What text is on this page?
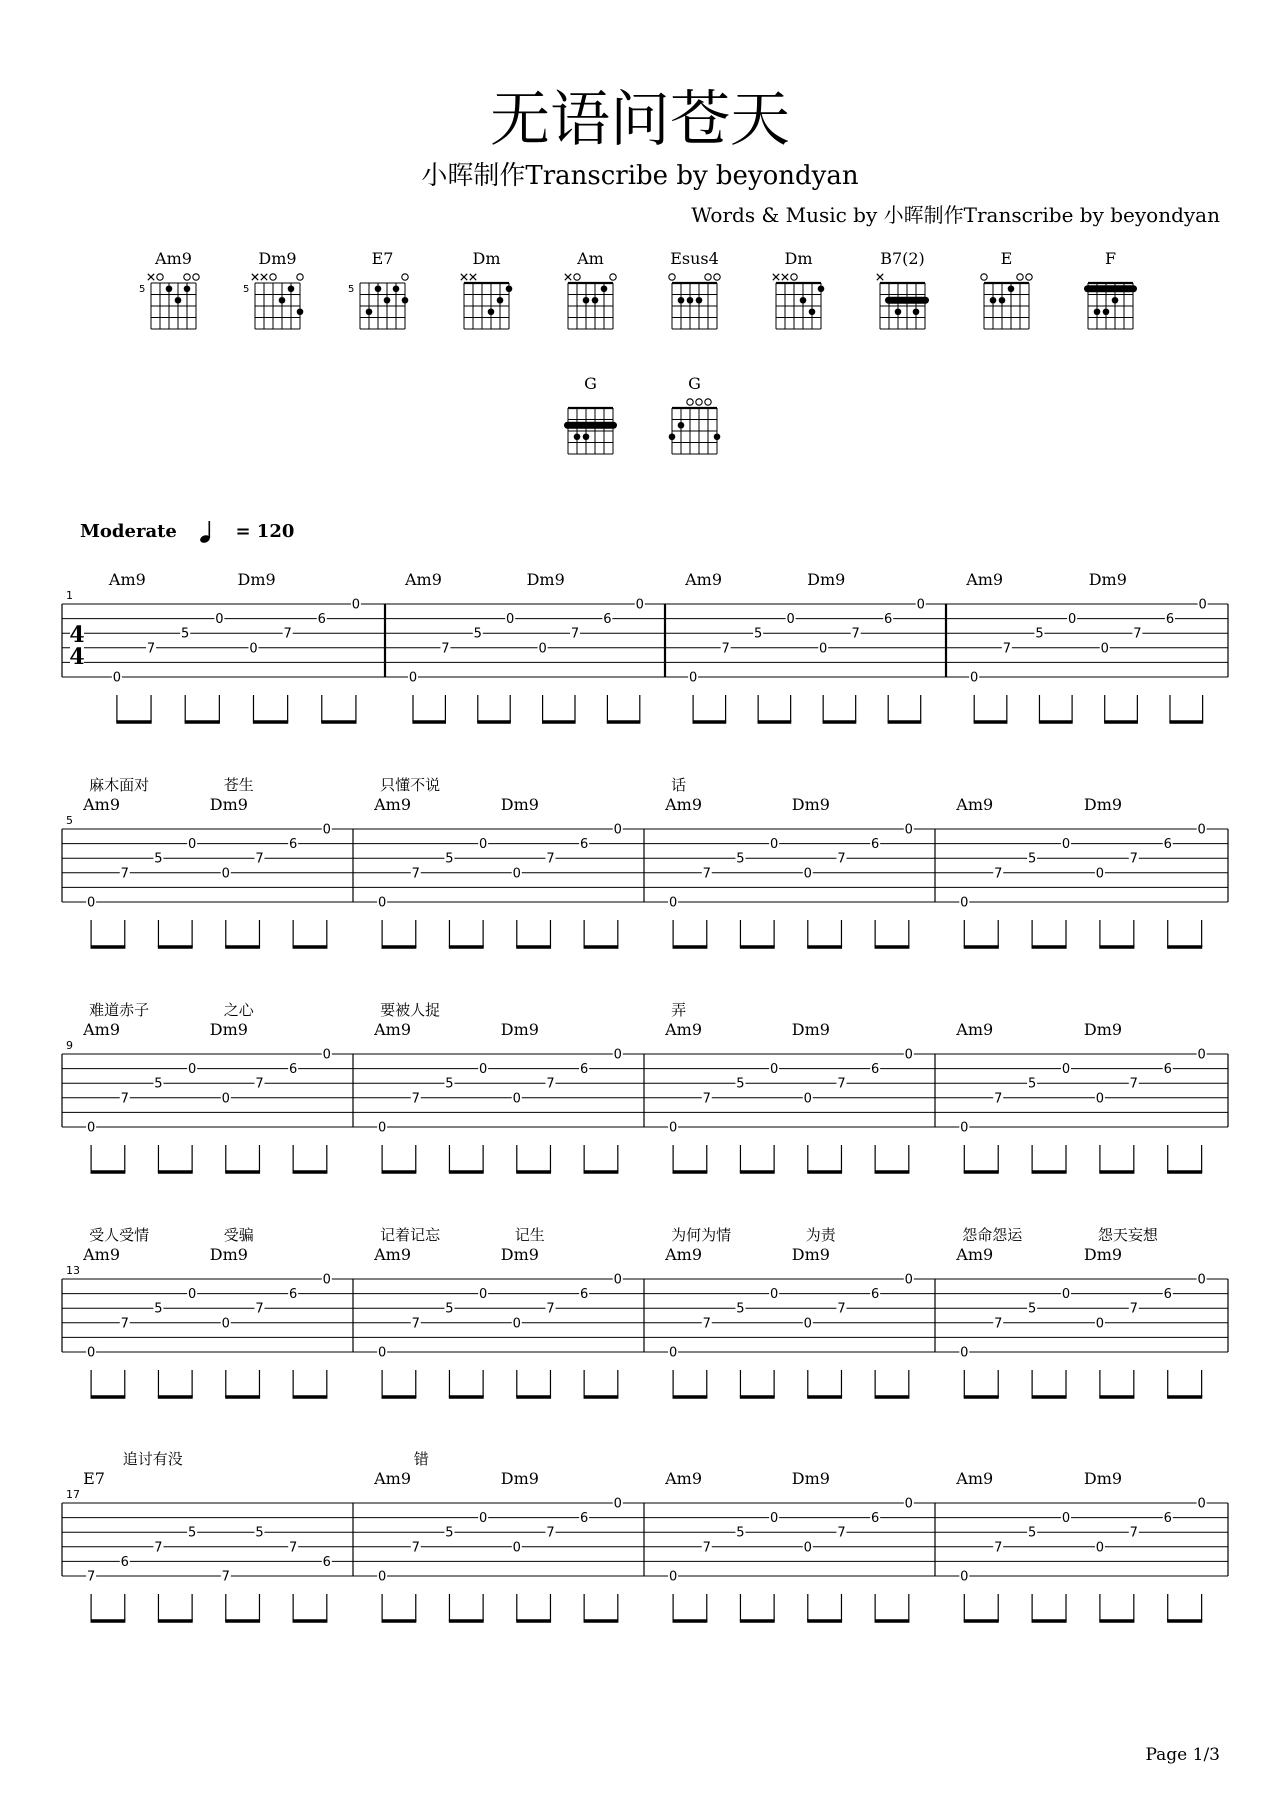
无语问苍天
小晖制作Transcribe by beyondyan
Words & Music by 小晖制作Transcribe by beyondyan
Moderate	= 120
Am9
5
Dm9
5
E7
5
Dm	Am	Esus4	Dm	B7(2)	E	F
G	G
1
4
4
Am9	Dm9
0
7
5
0
0
7
6
0
Am9	Dm9
0
7
5
0
0
7
6
0
Am9	Dm9
0
7
5
0
0
7
6
0
Am9	Dm9
0
7
5
0
0
7
6
0
5
Am9	Dm9
0
7
5
0
0
7
6
0
Am9	Dm9
0
7
5
0
0
7
6
0
Am9	Dm9
0
7
5
0
0
7
6
0
Am9	Dm9
0
7
5
0
0
7
6
0
麻木面对	苍生	只懂不说	话
9
Am9	Dm9
0
7
5
0
0
7
6
0
Am9	Dm9
0
7
5
0
0
7
6
0
Am9	Dm9
0
7
5
0
0
7
6
0
Am9	Dm9
0
7
5
0
0
7
6
0
难道赤子	之心	要被人捉	弄
13
Am9	Dm9
0
7
5
0
0
7
6
0
Am9	Dm9
0
7
5
0
0
7
6
0
Am9	Dm9
0
7
5
0
0
7
6
0
Am9	Dm9
0
7
5
0
0
7
6
0
受人受情	受骗	记着记忘	记生	为何为情	为责	怨命怨运	怨天妄想
17
E7
7
6
7
5
7
5
7
6
Am9	Dm9
0
7
5
0
0
7
6
0
Am9	Dm9
0
7
5
0
0
7
6
0
Am9	Dm9
0
7
5
0
0
7
6
0
追讨有没	错
Page 1/3
